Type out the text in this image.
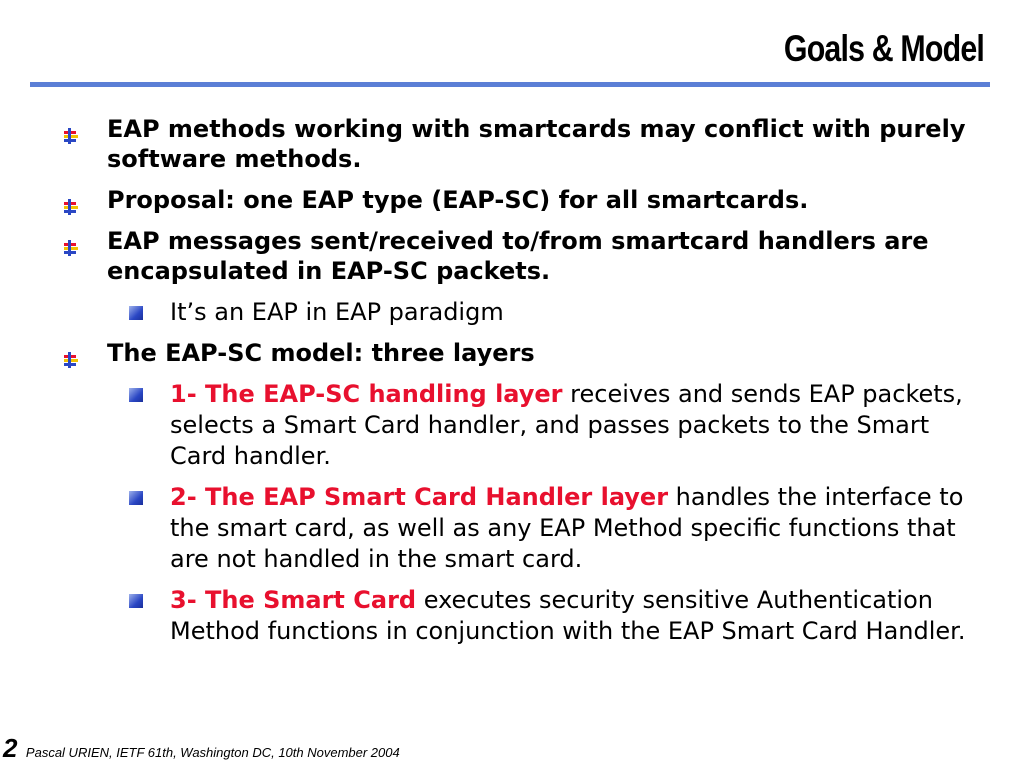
Goals & Model
EAP methods working with smartcards may conflict with purely software methods.
Proposal: one EAP type (EAP-SC) for all smartcards.
EAP messages sent/received to/from smartcard handlers are encapsulated in EAP-SC packets.
It’s an EAP in EAP paradigm
The EAP-SC model: three layers
1- The EAP-SC handling layer receives and sends EAP packets, selects a Smart Card handler, and passes packets to the Smart Card handler.
2- The EAP Smart Card Handler layer handles the interface to the smart card, as well as any EAP Method specific functions that are not handled in the smart card.
3- The Smart Card executes security sensitive Authentication Method functions in conjunction with the EAP Smart Card Handler.
2 Pascal URIEN, IETF 61th, Washington DC, 10th November 2004
